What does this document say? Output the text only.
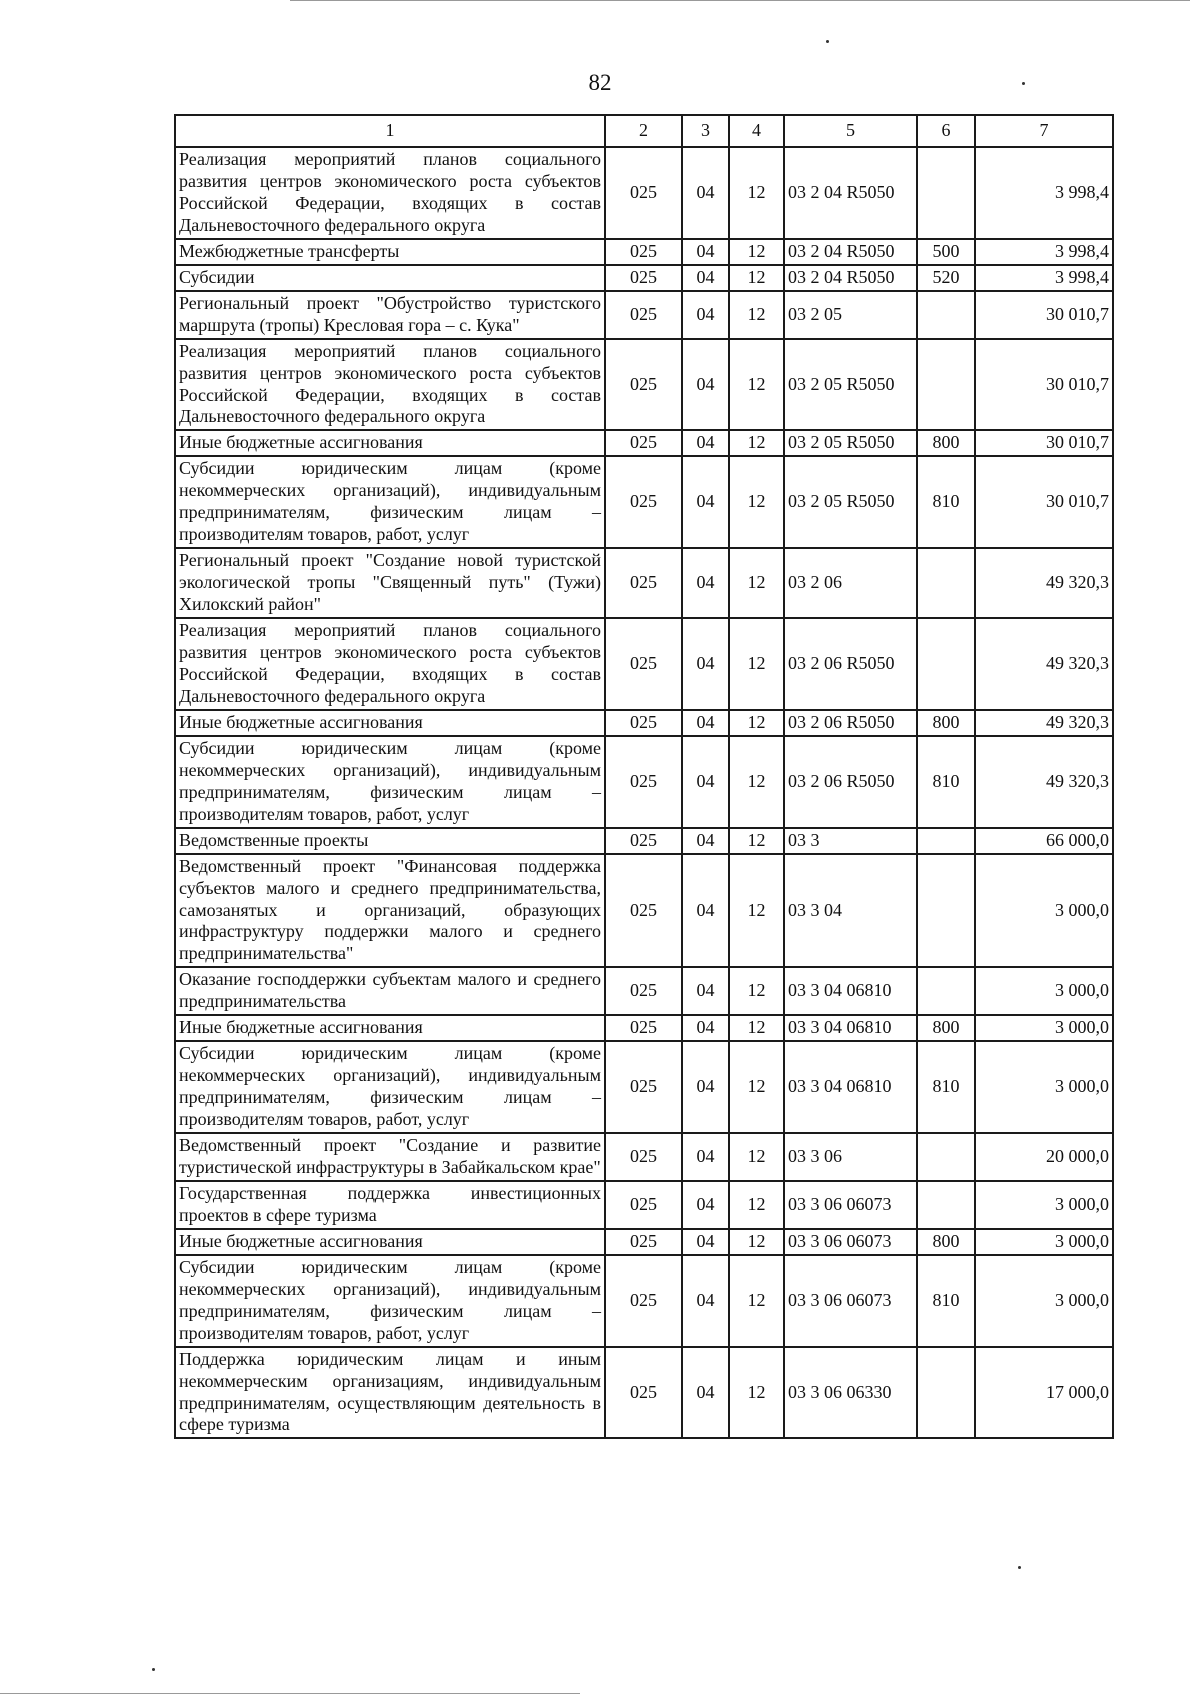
82
1	2	3	4	5	6	7
Реализация мероприятий планов социального развития центров экономического роста субъектов Российской Федерации, входящих в состав Дальневосточного федерального округа	025	04	12	03 2 04 R5050		3 998,4
Межбюджетные трансферты	025	04	12	03 2 04 R5050	500	3 998,4
Субсидии	025	04	12	03 2 04 R5050	520	3 998,4
Региональный проект "Обустройство туристского маршрута (тропы) Кресловая гора – с. Кука"	025	04	12	03 2 05		30 010,7
Реализация мероприятий планов социального развития центров экономического роста субъектов Российской Федерации, входящих в состав Дальневосточного федерального округа	025	04	12	03 2 05 R5050		30 010,7
Иные бюджетные ассигнования	025	04	12	03 2 05 R5050	800	30 010,7
Субсидии юридическим лицам (кроме некоммерческих организаций), индивидуальным предпринимателям, физическим лицам – производителям товаров, работ, услуг	025	04	12	03 2 05 R5050	810	30 010,7
Региональный проект "Создание новой туристской экологической тропы "Священный путь" (Тужи) Хилокский район"	025	04	12	03 2 06		49 320,3
Реализация мероприятий планов социального развития центров экономического роста субъектов Российской Федерации, входящих в состав Дальневосточного федерального округа	025	04	12	03 2 06 R5050		49 320,3
Иные бюджетные ассигнования	025	04	12	03 2 06 R5050	800	49 320,3
Субсидии юридическим лицам (кроме некоммерческих организаций), индивидуальным предпринимателям, физическим лицам – производителям товаров, работ, услуг	025	04	12	03 2 06 R5050	810	49 320,3
Ведомственные проекты	025	04	12	03 3		66 000,0
Ведомственный проект "Финансовая поддержка субъектов малого и среднего предпринимательства, самозанятых и организаций, образующих инфраструктуру поддержки малого и среднего предпринимательства"	025	04	12	03 3 04		3 000,0
Оказание господдержки субъектам малого и среднего предпринимательства	025	04	12	03 3 04 06810		3 000,0
Иные бюджетные ассигнования	025	04	12	03 3 04 06810	800	3 000,0
Субсидии юридическим лицам (кроме некоммерческих организаций), индивидуальным предпринимателям, физическим лицам – производителям товаров, работ, услуг	025	04	12	03 3 04 06810	810	3 000,0
Ведомственный проект "Создание и развитие туристической инфраструктуры в Забайкальском крае"	025	04	12	03 3 06		20 000,0
Государственная поддержка инвестиционных проектов в сфере туризма	025	04	12	03 3 06 06073		3 000,0
Иные бюджетные ассигнования	025	04	12	03 3 06 06073	800	3 000,0
Субсидии юридическим лицам (кроме некоммерческих организаций), индивидуальным предпринимателям, физическим лицам – производителям товаров, работ, услуг	025	04	12	03 3 06 06073	810	3 000,0
Поддержка юридическим лицам и иным некоммерческим организациям, индивидуальным предпринимателям, осуществляющим деятельность в сфере туризма	025	04	12	03 3 06 06330		17 000,0
